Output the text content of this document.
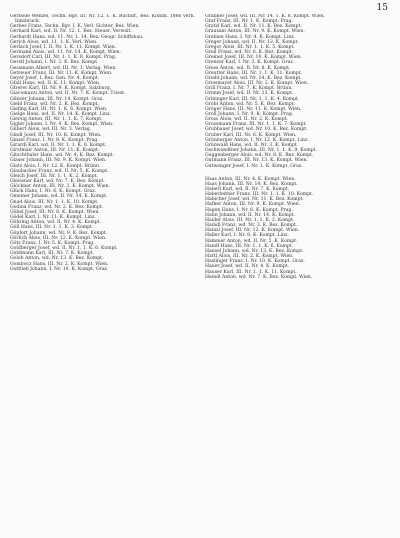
15

Gerbode Wenzel, Techn. Bgv. III. Nr. 12. 1. K. Buchdr., Bez. Komm. 1886 verh. Innsbruck.

Gerbes Franz, Techn. Bgv. I. K. Verl. Sichter, Bez. Wien.

Gerhard Karl, wd. II. Nr. 12. 1. Bez. Steuer. Verwalt.

Gerhardt Hans, wd. 11. Nr. 1. 14. Bez. Geogr. Schiffsbau.

Gerich Alois, wd. 11. 1. K. Verl. Wien.

Gerlach Josef, I. II. Nr. 1. K. 11. Kompt. Wien.

Germann Alois, wd. 11. Nr. 14. K. Kompt. Wien.

Gersdorf Carl, III. Nr. 1. 1. K. 8. Kompt. Prag.

Gerstl Johann, I. Nr. 2. K. Bez. Kompt.

Gessmann Albert, wd. III. Nr. 1. Verlag. Wien.

Getreuer Franz, III. Nr. 11. K. Kompt. Wien.

Geyer Josef, I. Bez. Gen. Nr. 4. Kompt.

Gfall Hans, wd. II. K. 11. Kompt. Wien.

Gfrerer Karl, III. Nr. 9. K. Kompt. Salzburg.

Giacomuzzi Anton, wd. II. Nr. 7. K. Kompt. Triest.

Gibiser Johann, III. Nr. 14. Kompt. Graz.

Giebl Franz, wd. Nr. 2. K. Bez. Kompt.

Giefing Karl, III. Nr. 1. K. 6. Kompt. Wien.

Gielge Hans, wd. II. Nr. 14. K. Kompt. Linz.

Giersig Anton, III. Nr. 1. 1. K. 7. Kompt.

Gigler Johann, I. Nr. 4. K. Bez. Kompt. Wien.

Gilbert Alois, wd. III. Nr. 3. Verlag.

Gindl Josef, III. Nr. 10. K. Kompt. Wien.

Ginzel Franz, I. Nr. 8. K. Kompt. Prag.

Girardi Karl, wd. II. Nr. 1. 1. K. 8. Kompt.

Girstmair Anton, III. Nr. 11. K. Kompt.

Gitschthaler Hans, wd. Nr. 4. K. Bez. Kompt.

Glaser Johann, III. Nr. 9. K. Kompt. Wien.

Glatz Alois, I. Nr. 12. K. Kompt. Brünn.

Glaubacker Franz, wd. II. Nr. 5. K. Kompt.

Gleich Josef, III. Nr. 1. 1. K. 2. Kompt.

Gleissner Karl, wd. Nr. 7. K. Bez. Kompt.

Glöckner Anton, III. Nr. 3. K. Kompt. Wien.

Glück Hans, I. Nr. 6. K. Kompt. Graz.

Gmeiner Johann, wd. II. Nr. 14. K. Kompt.

Gnad Alois, III. Nr. 1. 1. K. 10. Kompt.

Godina Franz, wd. Nr. 2. K. Bez. Kompt.

Göbel Josef, III. Nr. 8. K. Kompt. Wien.

Gödel Karl, I. Nr. 11. K. Kompt. Linz.

Göhring Anton, wd. II. Nr. 4. K. Kompt.

Göll Hans, III. Nr. 1. 1. K. 3. Kompt.

Göpfert Johann, wd. Nr. 9. K. Bez. Kompt.

Görlich Alois, III. Nr. 12. K. Kompt. Wien.

Götz Franz, I. Nr. 5. K. Kompt. Prag.

Goldberger Josef, wd. II. Nr. 1. 1. K. 6. Kompt.

Goldmann Karl, III. Nr. 7. K. Kompt.

Golob Anton, wd. Nr. 13. K. Bez. Kompt.

Gombocz Hans, III. Nr. 2. K. Kompt. Wien.

Gottlieb Johann, I. Nr. 10. K. Kompt. Graz.

Grabner Josef, wd. III. Nr. 14. 1. K. 8. Kompt. Wien.

Graf Franz, III. Nr. 1. K. Kompt. Prag.

Gratzl Karl, wd. II. Nr. 11. K. Bez. Kompt.

Grausam Anton, III. Nr. 9. K. Kompt. Wien.

Grebien Hans, I. Nr. 4. K. Kompt. Linz.

Greger Johann, wd. II. Nr. 12. K. Kompt.

Gregor Alois, III. Nr. 1. 1. K. 5. Kompt.

Greil Franz, wd. Nr. 6. K. Bez. Kompt.

Greiner Josef, III. Nr. 10. K. Kompt. Wien.

Grenzer Karl, I. Nr. 3. K. Kompt. Graz.

Gress Anton, wd. II. Nr. 8. K. Kompt.

Greutter Hans, III. Nr. 1. 1. K. 11. Kompt.

Griebl Johann, wd. Nr. 14. K. Bez. Kompt.

Griesmayer Alois, III. Nr. 2. K. Kompt. Wien.

Grill Franz, I. Nr. 7. K. Kompt. Brünn.

Grimm Josef, wd. II. Nr. 13. K. Kompt.

Grininger Karl, III. Nr. 1. 1. K. 4. Kompt.

Grobl Anton, wd. Nr. 5. K. Bez. Kompt.

Gröger Hans, III. Nr. 11. K. Kompt. Wien.

Groll Johann, I. Nr. 9. K. Kompt. Prag.

Gross Alois, wd. II. Nr. 2. K. Kompt.

Grossmann Franz, III. Nr. 1. 1. K. 7. Kompt.

Grubbauer Josef, wd. Nr. 10. K. Bez. Kompt.

Gruber Karl, III. Nr. 6. K. Kompt. Wien.

Grünberger Anton, I. Nr. 12. K. Kompt. Linz.

Grünwald Hans, wd. II. Nr. 3. K. Kompt.

Gschwandtner Johann, III. Nr. 1. 1. K. 9. Kompt.

Guggenberger Alois, wd. Nr. 8. K. Bez. Kompt.

Gutmann Franz, III. Nr. 13. K. Kompt. Wien.

Gutwenger Josef, I. Nr. 1. K. Kompt. Graz.

Haas Anton, III. Nr. 4. K. Kompt. Wien.

Haas Johann, III. Nr. 14. K. Bez. Kompt.

Haberl Karl, wd. II. Nr. 7. K. Kompt.

Haberleitner Franz, III. Nr. 1. 1. K. 10. Kompt.

Habicher Josef, wd. Nr. 11. K. Bez. Kompt.

Hafner Anton, III. Nr. 9. K. Kompt. Wien.

Hagen Hans, I. Nr. 6. K. Kompt. Prag.

Hahn Johann, wd. II. Nr. 14. K. Kompt.

Haider Alois, III. Nr. 1. 1. K. 2. Kompt.

Haindl Franz, wd. Nr. 3. K. Bez. Kompt.

Hainzl Josef, III. Nr. 12. K. Kompt. Wien.

Haller Karl, I. Nr. 8. K. Kompt. Linz.

Hammer Anton, wd. II. Nr. 5. K. Kompt.

Handl Hans, III. Nr. 1. 1. K. 6. Kompt.

Hansel Johann, wd. Nr. 13. K. Bez. Kompt.

Hartl Alois, III. Nr. 2. K. Kompt. Wien.

Haslinger Franz, I. Nr. 10. K. Kompt. Graz.

Hauer Josef, wd. II. Nr. 4. K. Kompt.

Hauser Karl, III. Nr. 1. 1. K. 11. Kompt.

Heindl Anton, wd. Nr. 7. K. Bez. Kompt. Wien.
